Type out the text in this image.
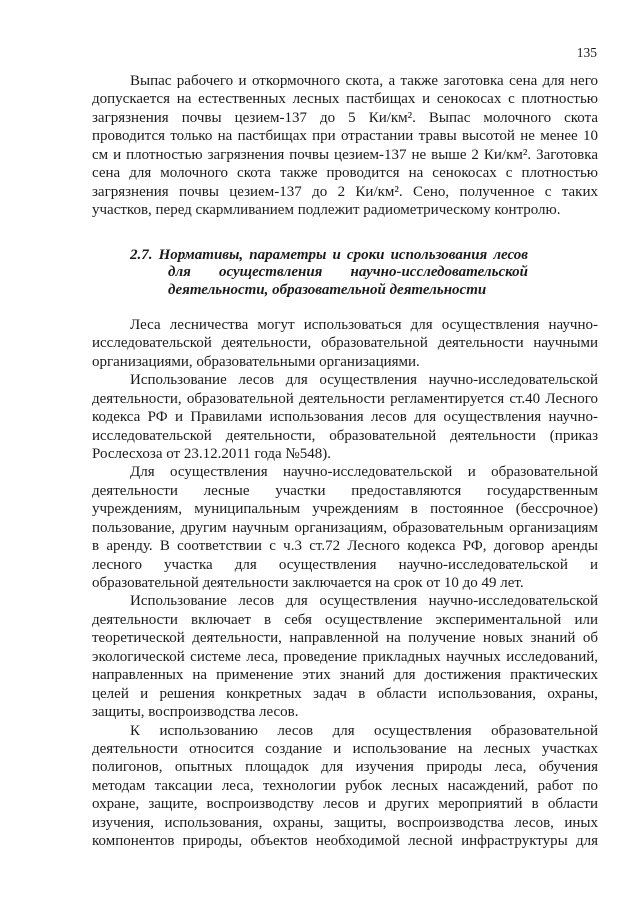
135
Выпас рабочего и откормочного скота, а также заготовка сена для него
допускается на естественных лесных пастбищах и сенокосах с плотностью
загрязнения почвы цезием-137 до 5 Ки/км². Выпас молочного скота
проводится только на пастбищах при отрастании травы высотой не менее 10
см и плотностью загрязнения почвы цезием-137 не выше 2 Ки/км². Заготовка
сена для молочного скота также проводится на сенокосах с плотностью
загрязнения почвы цезием-137 до 2 Ки/км². Сено, полученное с таких
участков, перед скармливанием подлежит радиометрическому контролю.
2.7. Нормативы, параметры и сроки использования лесов
для осуществления научно-исследовательской
деятельности, образовательной деятельности
Леса лесничества могут использоваться для осуществления научно-
исследовательской деятельности, образовательной деятельности научными
организациями, образовательными организациями.
Использование лесов для осуществления научно-исследовательской
деятельности, образовательной деятельности регламентируется ст.40 Лесного
кодекса РФ и Правилами использования лесов для осуществления научно-
исследовательской деятельности, образовательной деятельности (приказ
Рослесхоза от 23.12.2011 года №548).
Для осуществления научно-исследовательской и образовательной
деятельности лесные участки предоставляются государственным
учреждениям, муниципальным учреждениям в постоянное (бессрочное)
пользование, другим научным организациям, образовательным организациям
в аренду. В соответствии с ч.3 ст.72 Лесного кодекса РФ, договор аренды
лесного участка для осуществления научно-исследовательской и
образовательной деятельности заключается на срок от 10 до 49 лет.
Использование лесов для осуществления научно-исследовательской
деятельности включает в себя осуществление экспериментальной или
теоретической деятельности, направленной на получение новых знаний об
экологической системе леса, проведение прикладных научных исследований,
направленных на применение этих знаний для достижения практических
целей и решения конкретных задач в области использования, охраны,
защиты, воспроизводства лесов.
К использованию лесов для осуществления образовательной
деятельности относится создание и использование на лесных участках
полигонов, опытных площадок для изучения природы леса, обучения
методам таксации леса, технологии рубок лесных насаждений, работ по
охране, защите, воспроизводству лесов и других мероприятий в области
изучения, использования, охраны, защиты, воспроизводства лесов, иных
компонентов природы, объектов необходимой лесной инфраструктуры для
